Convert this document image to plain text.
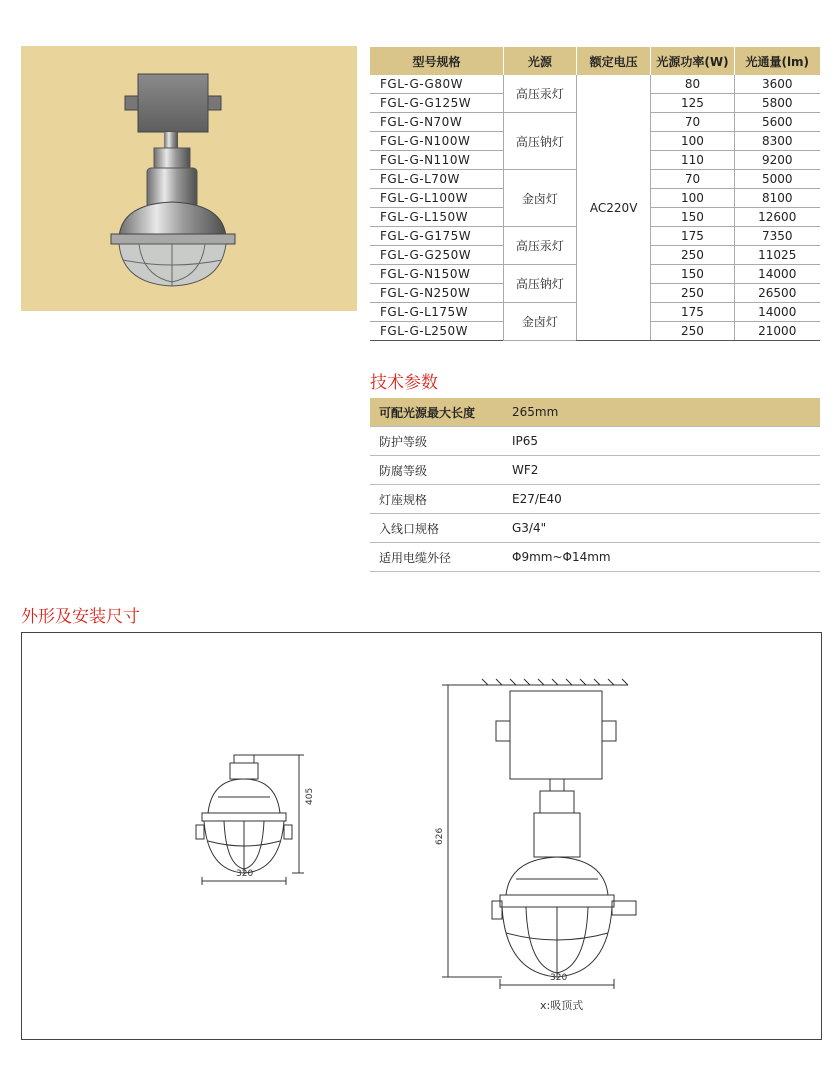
型号规格	光源	额定电压	光源功率(W)	光通量(lm)
FGL-G-G80W	高压汞灯	AC220V	80	3600
FGL-G-G125W			125	5800
FGL-G-N70W	高压钠灯		70	5600
FGL-G-N100W			100	8300
FGL-G-N110W			110	9200
FGL-G-L70W	金卤灯		70	5000
FGL-G-L100W			100	8100
FGL-G-L150W			150	12600
FGL-G-G175W	高压汞灯		175	7350
FGL-G-G250W			250	11025
FGL-G-N150W	高压钠灯		150	14000
FGL-G-N250W			250	26500
FGL-G-L175W	金卤灯		175	14000
FGL-G-L250W			250	21000
技术参数
可配光源最大长度	265mm
防护等级	IP65
防腐等级	WF2
灯座规格	E27/E40
入线口规格	G3/4"
适用电缆外径	Φ9mm~Φ14mm
外形及安装尺寸
405
320
626
320
x:吸顶式
